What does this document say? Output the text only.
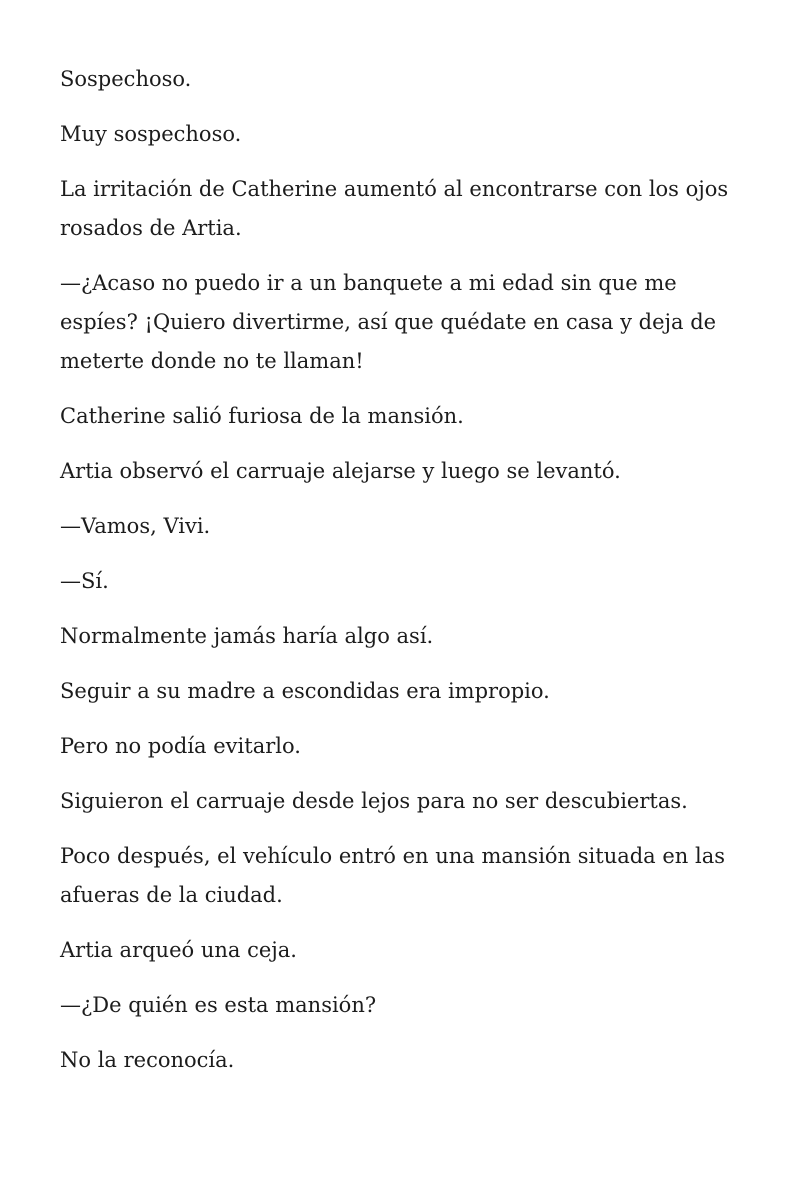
Sospechoso.

Muy sospechoso.

La irritación de Catherine aumentó al encontrarse con los ojos rosados de Artia.

—¿Acaso no puedo ir a un banquete a mi edad sin que me espíes? ¡Quiero divertirme, así que quédate en casa y deja de meterte donde no te llaman!

Catherine salió furiosa de la mansión.

Artia observó el carruaje alejarse y luego se levantó.

—Vamos, Vivi.

—Sí.

Normalmente jamás haría algo así.

Seguir a su madre a escondidas era impropio.

Pero no podía evitarlo.

Siguieron el carruaje desde lejos para no ser descubiertas.

Poco después, el vehículo entró en una mansión situada en las afueras de la ciudad.

Artia arqueó una ceja.

—¿De quién es esta mansión?

No la reconocía.
